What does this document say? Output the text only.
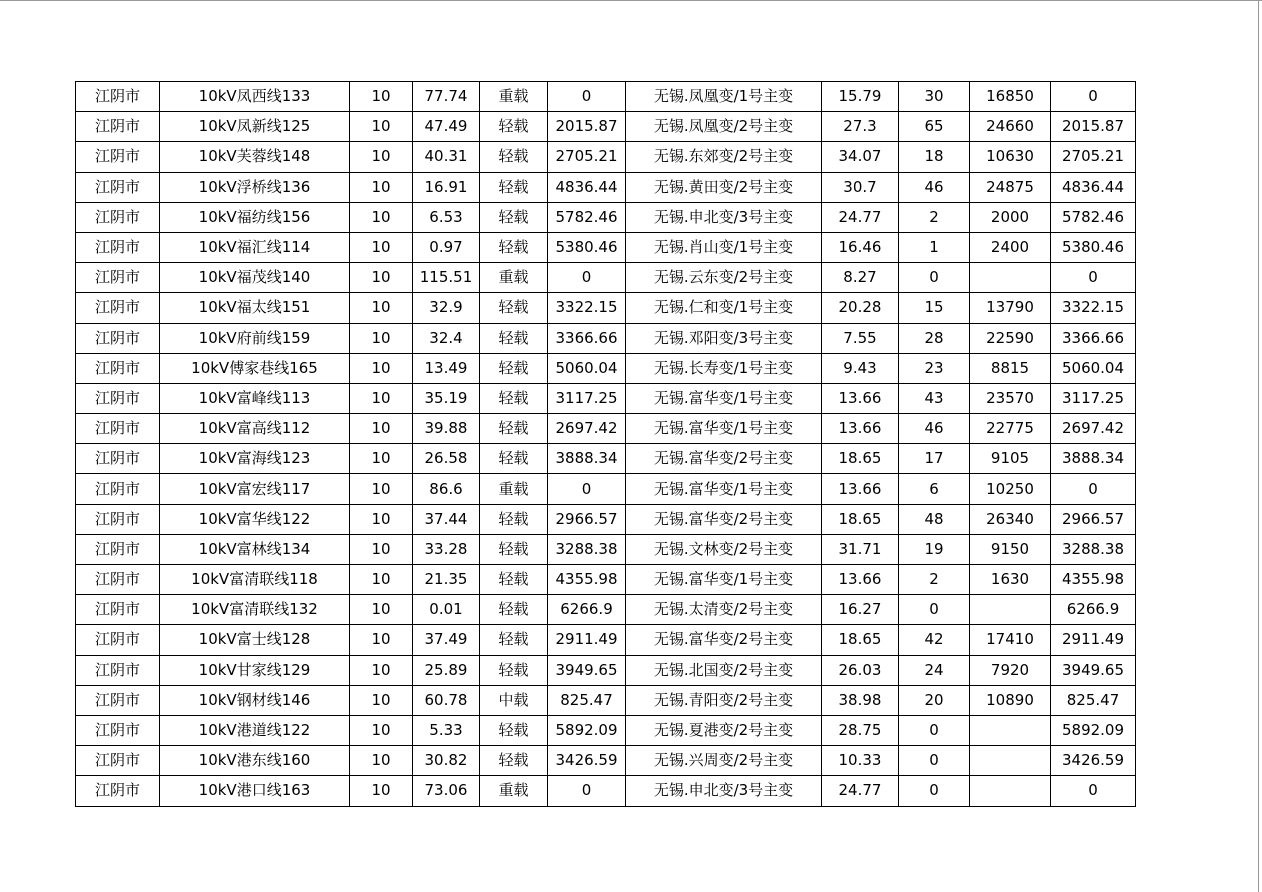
江阴市	10kV凤西线133	10	77.74	重载	0	无锡.凤凰变/1号主变	15.79	30	16850	0
江阴市	10kV凤新线125	10	47.49	轻载	2015.87	无锡.凤凰变/2号主变	27.3	65	24660	2015.87
江阴市	10kV芙蓉线148	10	40.31	轻载	2705.21	无锡.东郊变/2号主变	34.07	18	10630	2705.21
江阴市	10kV浮桥线136	10	16.91	轻载	4836.44	无锡.黄田变/2号主变	30.7	46	24875	4836.44
江阴市	10kV福纺线156	10	6.53	轻载	5782.46	无锡.申北变/3号主变	24.77	2	2000	5782.46
江阴市	10kV福汇线114	10	0.97	轻载	5380.46	无锡.肖山变/1号主变	16.46	1	2400	5380.46
江阴市	10kV福茂线140	10	115.51	重载	0	无锡.云东变/2号主变	8.27	0		0
江阴市	10kV福太线151	10	32.9	轻载	3322.15	无锡.仁和变/1号主变	20.28	15	13790	3322.15
江阴市	10kV府前线159	10	32.4	轻载	3366.66	无锡.邓阳变/3号主变	7.55	28	22590	3366.66
江阴市	10kV傅家巷线165	10	13.49	轻载	5060.04	无锡.长寿变/1号主变	9.43	23	8815	5060.04
江阴市	10kV富峰线113	10	35.19	轻载	3117.25	无锡.富华变/1号主变	13.66	43	23570	3117.25
江阴市	10kV富高线112	10	39.88	轻载	2697.42	无锡.富华变/1号主变	13.66	46	22775	2697.42
江阴市	10kV富海线123	10	26.58	轻载	3888.34	无锡.富华变/2号主变	18.65	17	9105	3888.34
江阴市	10kV富宏线117	10	86.6	重载	0	无锡.富华变/1号主变	13.66	6	10250	0
江阴市	10kV富华线122	10	37.44	轻载	2966.57	无锡.富华变/2号主变	18.65	48	26340	2966.57
江阴市	10kV富林线134	10	33.28	轻载	3288.38	无锡.文林变/2号主变	31.71	19	9150	3288.38
江阴市	10kV富清联线118	10	21.35	轻载	4355.98	无锡.富华变/1号主变	13.66	2	1630	4355.98
江阴市	10kV富清联线132	10	0.01	轻载	6266.9	无锡.太清变/2号主变	16.27	0		6266.9
江阴市	10kV富士线128	10	37.49	轻载	2911.49	无锡.富华变/2号主变	18.65	42	17410	2911.49
江阴市	10kV甘家线129	10	25.89	轻载	3949.65	无锡.北国变/2号主变	26.03	24	7920	3949.65
江阴市	10kV钢材线146	10	60.78	中载	825.47	无锡.青阳变/2号主变	38.98	20	10890	825.47
江阴市	10kV港道线122	10	5.33	轻载	5892.09	无锡.夏港变/2号主变	28.75	0		5892.09
江阴市	10kV港东线160	10	30.82	轻载	3426.59	无锡.兴周变/2号主变	10.33	0		3426.59
江阴市	10kV港口线163	10	73.06	重载	0	无锡.申北变/3号主变	24.77	0		0
